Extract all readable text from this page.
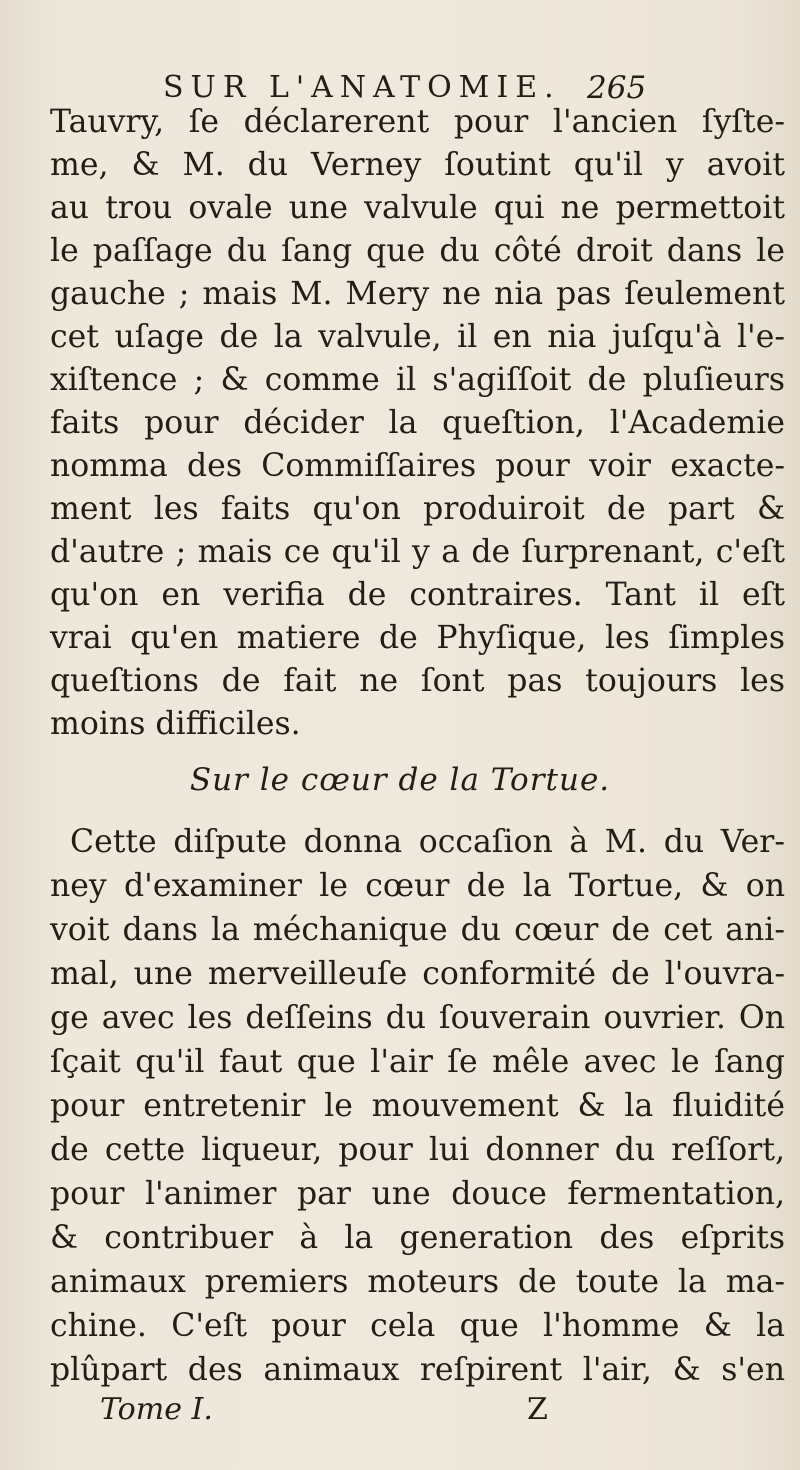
SUR L'ANATOMIE. 265
Tauvry, ſe déclarerent pour l'ancien ſyſte-
me, & M. du Verney ſoutint qu'il y avoit
au trou ovale une valvule qui ne permettoit
le paſſage du ſang que du côté droit dans le
gauche ; mais M. Mery ne nia pas ſeulement
cet uſage de la valvule, il en nia juſqu'à l'e-
xiſtence ; & comme il s'agiſſoit de pluſieurs
faits pour décider la queſtion, l'Academie
nomma des Commiſſaires pour voir exacte-
ment les faits qu'on produiroit de part &
d'autre ; mais ce qu'il y a de ſurprenant, c'eſt
qu'on en verifia de contraires. Tant il eſt
vrai qu'en matiere de Phyſique, les ſimples
queſtions de fait ne ſont pas toujours les
moins difficiles.
Sur le cœur de la Tortue.
Cette diſpute donna occaſion à M. du Ver-
ney d'examiner le cœur de la Tortue, & on
voit dans la méchanique du cœur de cet ani-
mal, une merveilleuſe conformité de l'ouvra-
ge avec les deſſeins du ſouverain ouvrier. On
ſçait qu'il faut que l'air ſe mêle avec le ſang
pour entretenir le mouvement & la fluidité
de cette liqueur, pour lui donner du reſſort,
pour l'animer par une douce fermentation,
& contribuer à la generation des eſprits
animaux premiers moteurs de toute la ma-
chine. C'eſt pour cela que l'homme & la
plûpart des animaux reſpirent l'air, & s'en
Tome I.	Z
